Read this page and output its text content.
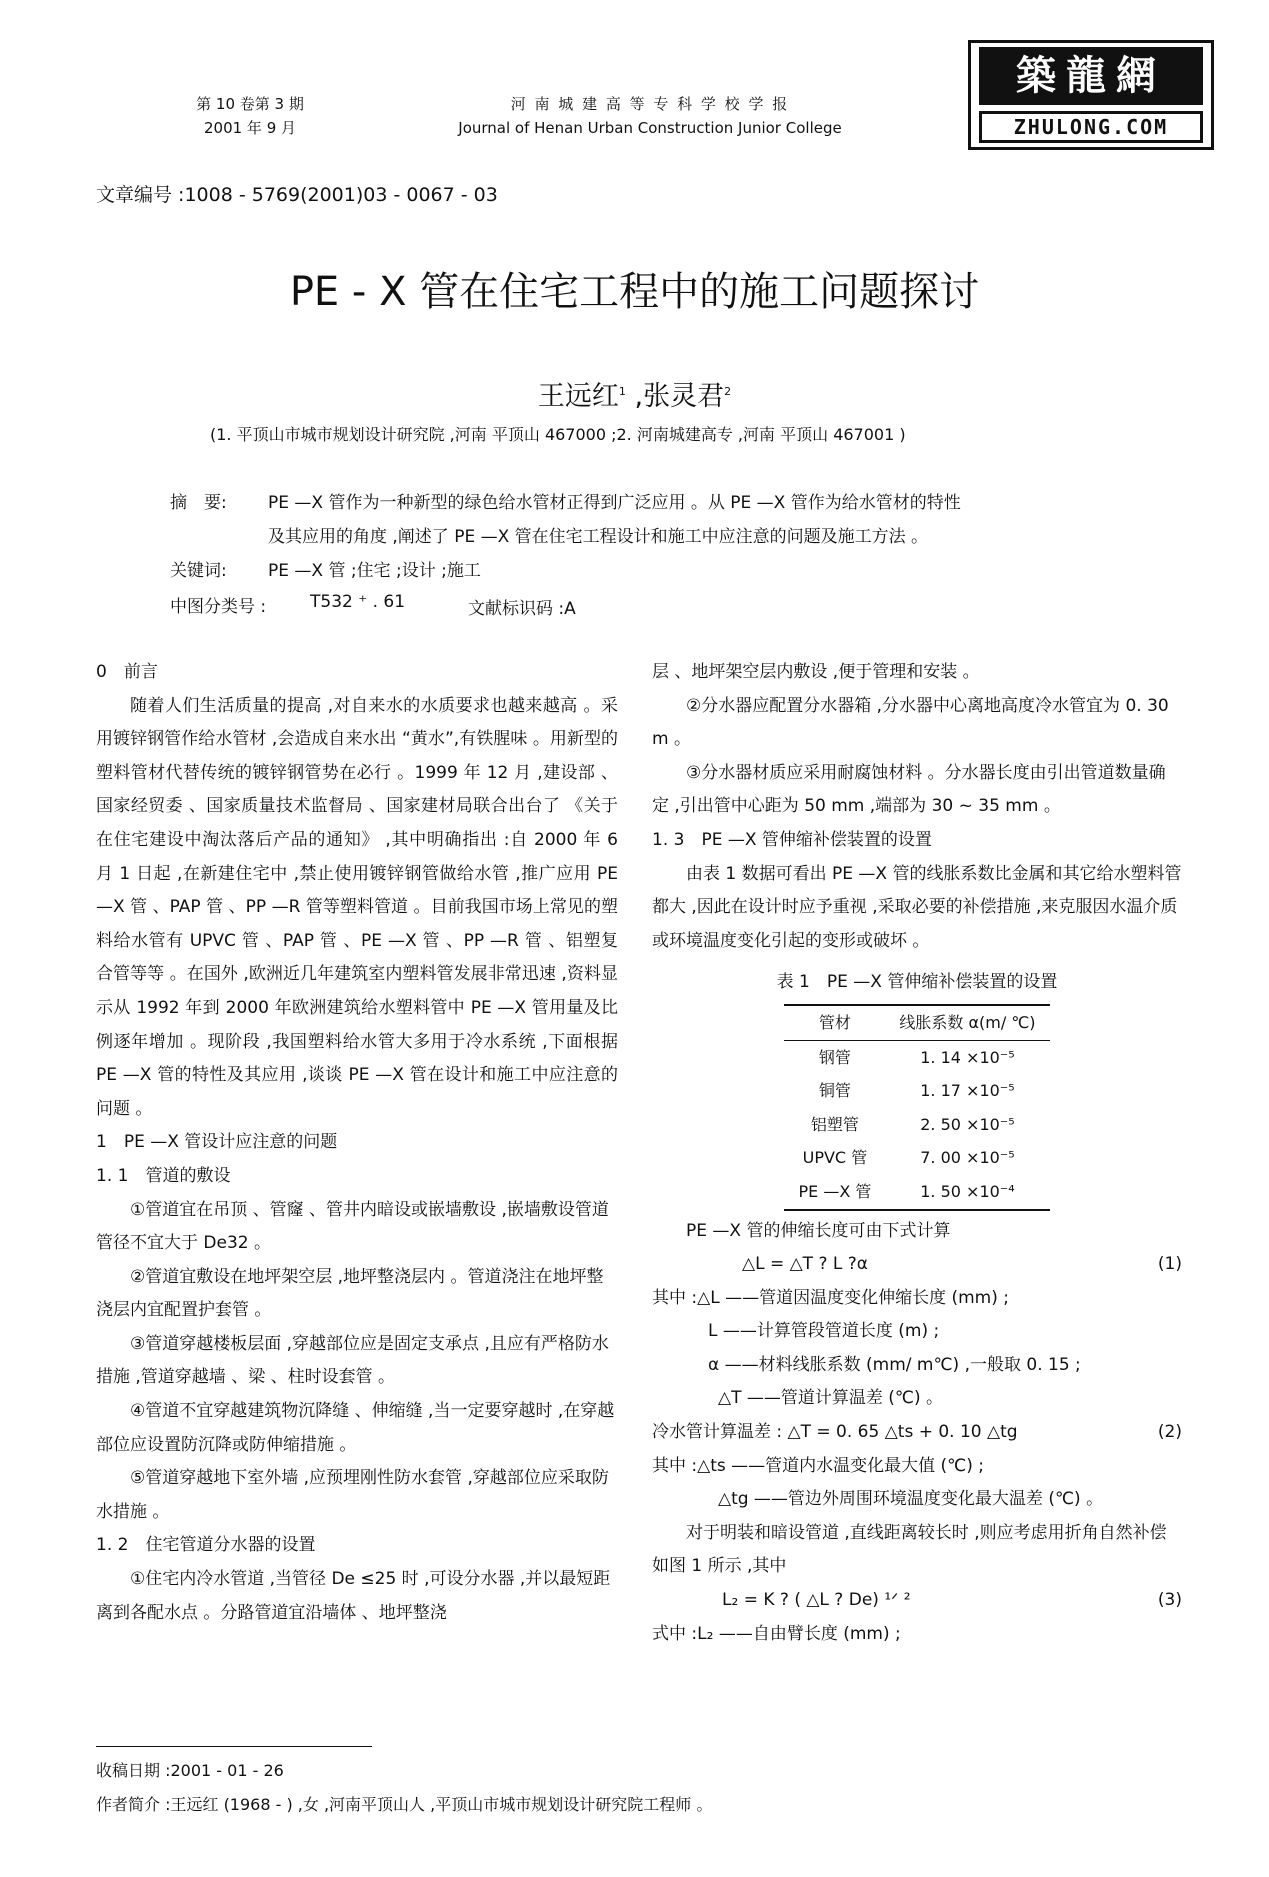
第 10 卷第 3 期
2001 年 9 月
河 南 城 建 高 等 专 科 学 校 学 报
Journal of Henan Urban Construction Junior College
築龍網
ZHULONG.COM
文章编号 :1008 - 5769(2001)03 - 0067 - 03
PE - X 管在住宅工程中的施工问题探讨
王远红$^1$ ,张灵君$^2$
(1. 平顶山市城市规划设计研究院 ,河南 平顶山 467000 ;2. 河南城建高专 ,河南 平顶山 467001 )
摘　要: PE —X 管作为一种新型的绿色给水管材正得到广泛应用 。从 PE —X 管作为给水管材的特性
及其应用的角度 ,阐述了 PE —X 管在住宅工程设计和施工中应注意的问题及施工方法 。
关键词: PE —X 管 ;住宅 ;设计 ;施工
中图分类号 :	T532 ⁺ . 61	文献标识码 :A

0　前言

随着人们生活质量的提高 ,对自来水的水质要求也越来越高 。采用镀锌钢管作给水管材 ,会造成自来水出 “黄水”,有铁腥味 。用新型的塑料管材代替传统的镀锌钢管势在必行 。1999 年 12 月 ,建设部 、国家经贸委 、国家质量技术监督局 、国家建材局联合出台了 《关于在住宅建设中淘汰落后产品的通知》 ,其中明确指出 :自 2000 年 6 月 1 日起 ,在新建住宅中 ,禁止使用镀锌钢管做给水管 ,推广应用 PE —X 管 、PAP 管 、PP —R 管等塑料管道 。目前我国市场上常见的塑料给水管有 UPVC 管 、PAP 管 、PE —X 管 、PP —R 管 、铝塑复合管等等 。在国外 ,欧洲近几年建筑室内塑料管发展非常迅速 ,资料显示从 1992 年到 2000 年欧洲建筑给水塑料管中 PE —X 管用量及比例逐年增加 。现阶段 ,我国塑料给水管大多用于冷水系统 ,下面根据 PE —X 管的特性及其应用 ,谈谈 PE —X 管在设计和施工中应注意的问题 。

1　PE —X 管设计应注意的问题

1. 1　管道的敷设

①管道宜在吊顶 、管窿 、管井内暗设或嵌墙敷设 ,嵌墙敷设管道管径不宜大于 De32 。

②管道宜敷设在地坪架空层 ,地坪整浇层内 。管道浇注在地坪整浇层内宜配置护套管 。

③管道穿越楼板层面 ,穿越部位应是固定支承点 ,且应有严格防水措施 ,管道穿越墙 、梁 、柱时设套管 。

④管道不宜穿越建筑物沉降缝 、伸缩缝 ,当一定要穿越时 ,在穿越部位应设置防沉降或防伸缩措施 。

⑤管道穿越地下室外墙 ,应预埋刚性防水套管 ,穿越部位应采取防水措施 。

1. 2　住宅管道分水器的设置

①住宅内冷水管道 ,当管径 De ≤25 时 ,可设分水器 ,并以最短距离到各配水点 。分路管道宜沿墙体 、地坪整浇

层 、地坪架空层内敷设 ,便于管理和安装 。

②分水器应配置分水器箱 ,分水器中心离地高度冷水管宜为 0. 30 m 。

③分水器材质应采用耐腐蚀材料 。分水器长度由引出管道数量确定 ,引出管中心距为 50 mm ,端部为 30 ~ 35 mm 。

1. 3　PE —X 管伸缩补偿装置的设置

由表 1 数据可看出 PE —X 管的线胀系数比金属和其它给水塑料管都大 ,因此在设计时应予重视 ,采取必要的补偿措施 ,来克服因水温介质或环境温度变化引起的变形或破坏 。

表 1　PE —X 管伸缩补偿装置的设置
管材	线胀系数 α(m/ ℃)
钢管	1. 14 ×10⁻⁵
铜管	1. 17 ×10⁻⁵
铝塑管	2. 50 ×10⁻⁵
UPVC 管	7. 00 ×10⁻⁵
PE —X 管	1. 50 ×10⁻⁴

PE —X 管的伸缩长度可由下式计算

△L = △T ? L ?α	(1)

其中 :△L ——管道因温度变化伸缩长度 (mm) ;

L ——计算管段管道长度 (m) ;

α ——材料线胀系数 (mm/ m℃) ,一般取 0. 15 ;

△T ——管道计算温差 (℃) 。

冷水管计算温差 : △T = 0. 65 △ts + 0. 10 △tg	(2)

其中 :△ts ——管道内水温变化最大值 (℃) ;

△tg ——管边外周围环境温度变化最大温差 (℃) 。

对于明装和暗设管道 ,直线距离较长时 ,则应考虑用折角自然补偿如图 1 所示 ,其中

L₂ = K ? ( △L ? De) ¹ᐟ ²	(3)

式中 :L₂ ——自由臂长度 (mm) ;

收稿日期 :2001 - 01 - 26
作者简介 :王远红 (1968 - ) ,女 ,河南平顶山人 ,平顶山市城市规划设计研究院工程师 。
